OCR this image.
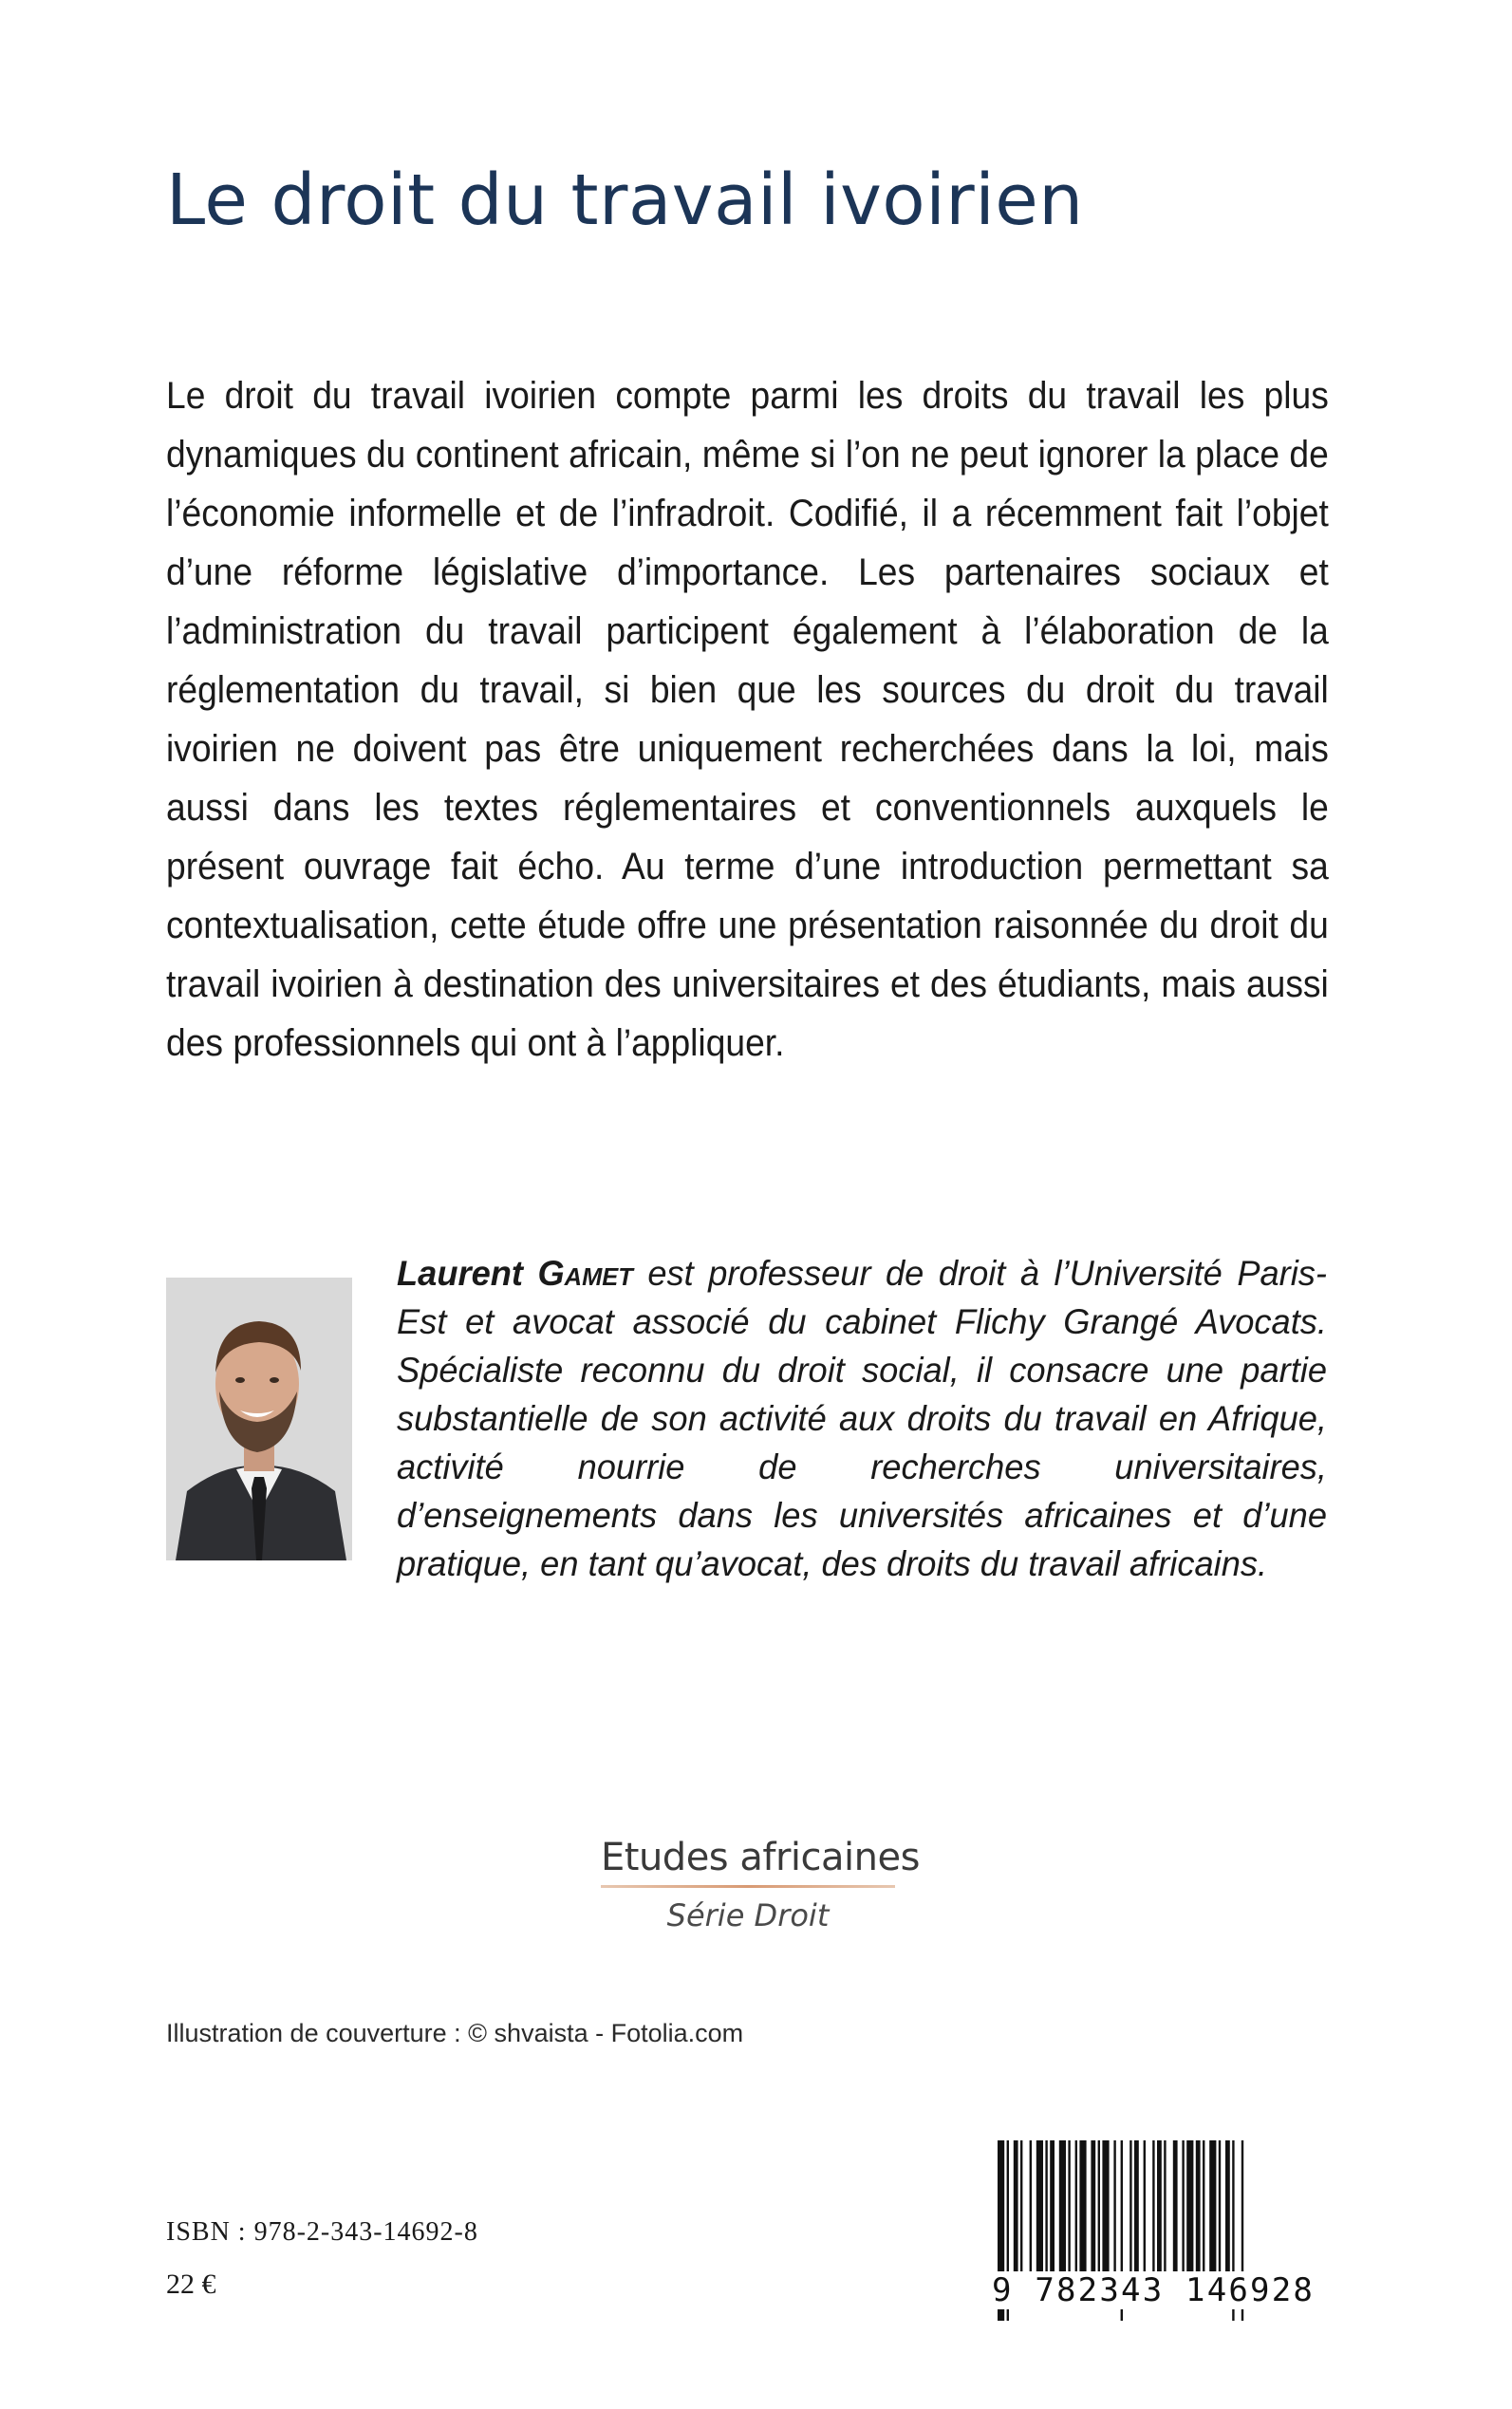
Le droit du travail ivoirien

Le droit du travail ivoirien compte parmi les droits du travail les plus dynamiques du continent africain, même si l’on ne peut ignorer la place de l’économie informelle et de l’infradroit. Codifié, il a récemment fait l’objet d’une réforme législative d’importance. Les partenaires sociaux et l’administration du travail participent également à l’élaboration de la réglementation du travail, si bien que les sources du droit du travail ivoirien ne doivent pas être uniquement recherchées dans la loi, mais aussi dans les textes réglementaires et conventionnels auxquels le présent ouvrage fait écho. Au terme d’une introduction permettant sa contextualisation, cette étude offre une présentation raisonnée du droit du travail ivoirien à destination des universitaires et des étudiants, mais aussi des professionnels qui ont à l’appliquer.

Laurent Gamet est professeur de droit à l’Université Paris-Est et avocat associé du cabinet Flichy Grangé Avocats. Spécialiste reconnu du droit social, il consacre une partie substantielle de son activité aux droits du travail en Afrique, activité nourrie de recherches universitaires, d’enseignements dans les universités africaines et d’une pratique, en tant qu’avocat, des droits du travail africains.

Etudes africaines
Série Droit
Illustration de couverture : © shvaista - Fotolia.com
ISBN : 978-2-343-14692-8
22 €	9 782343 146928
